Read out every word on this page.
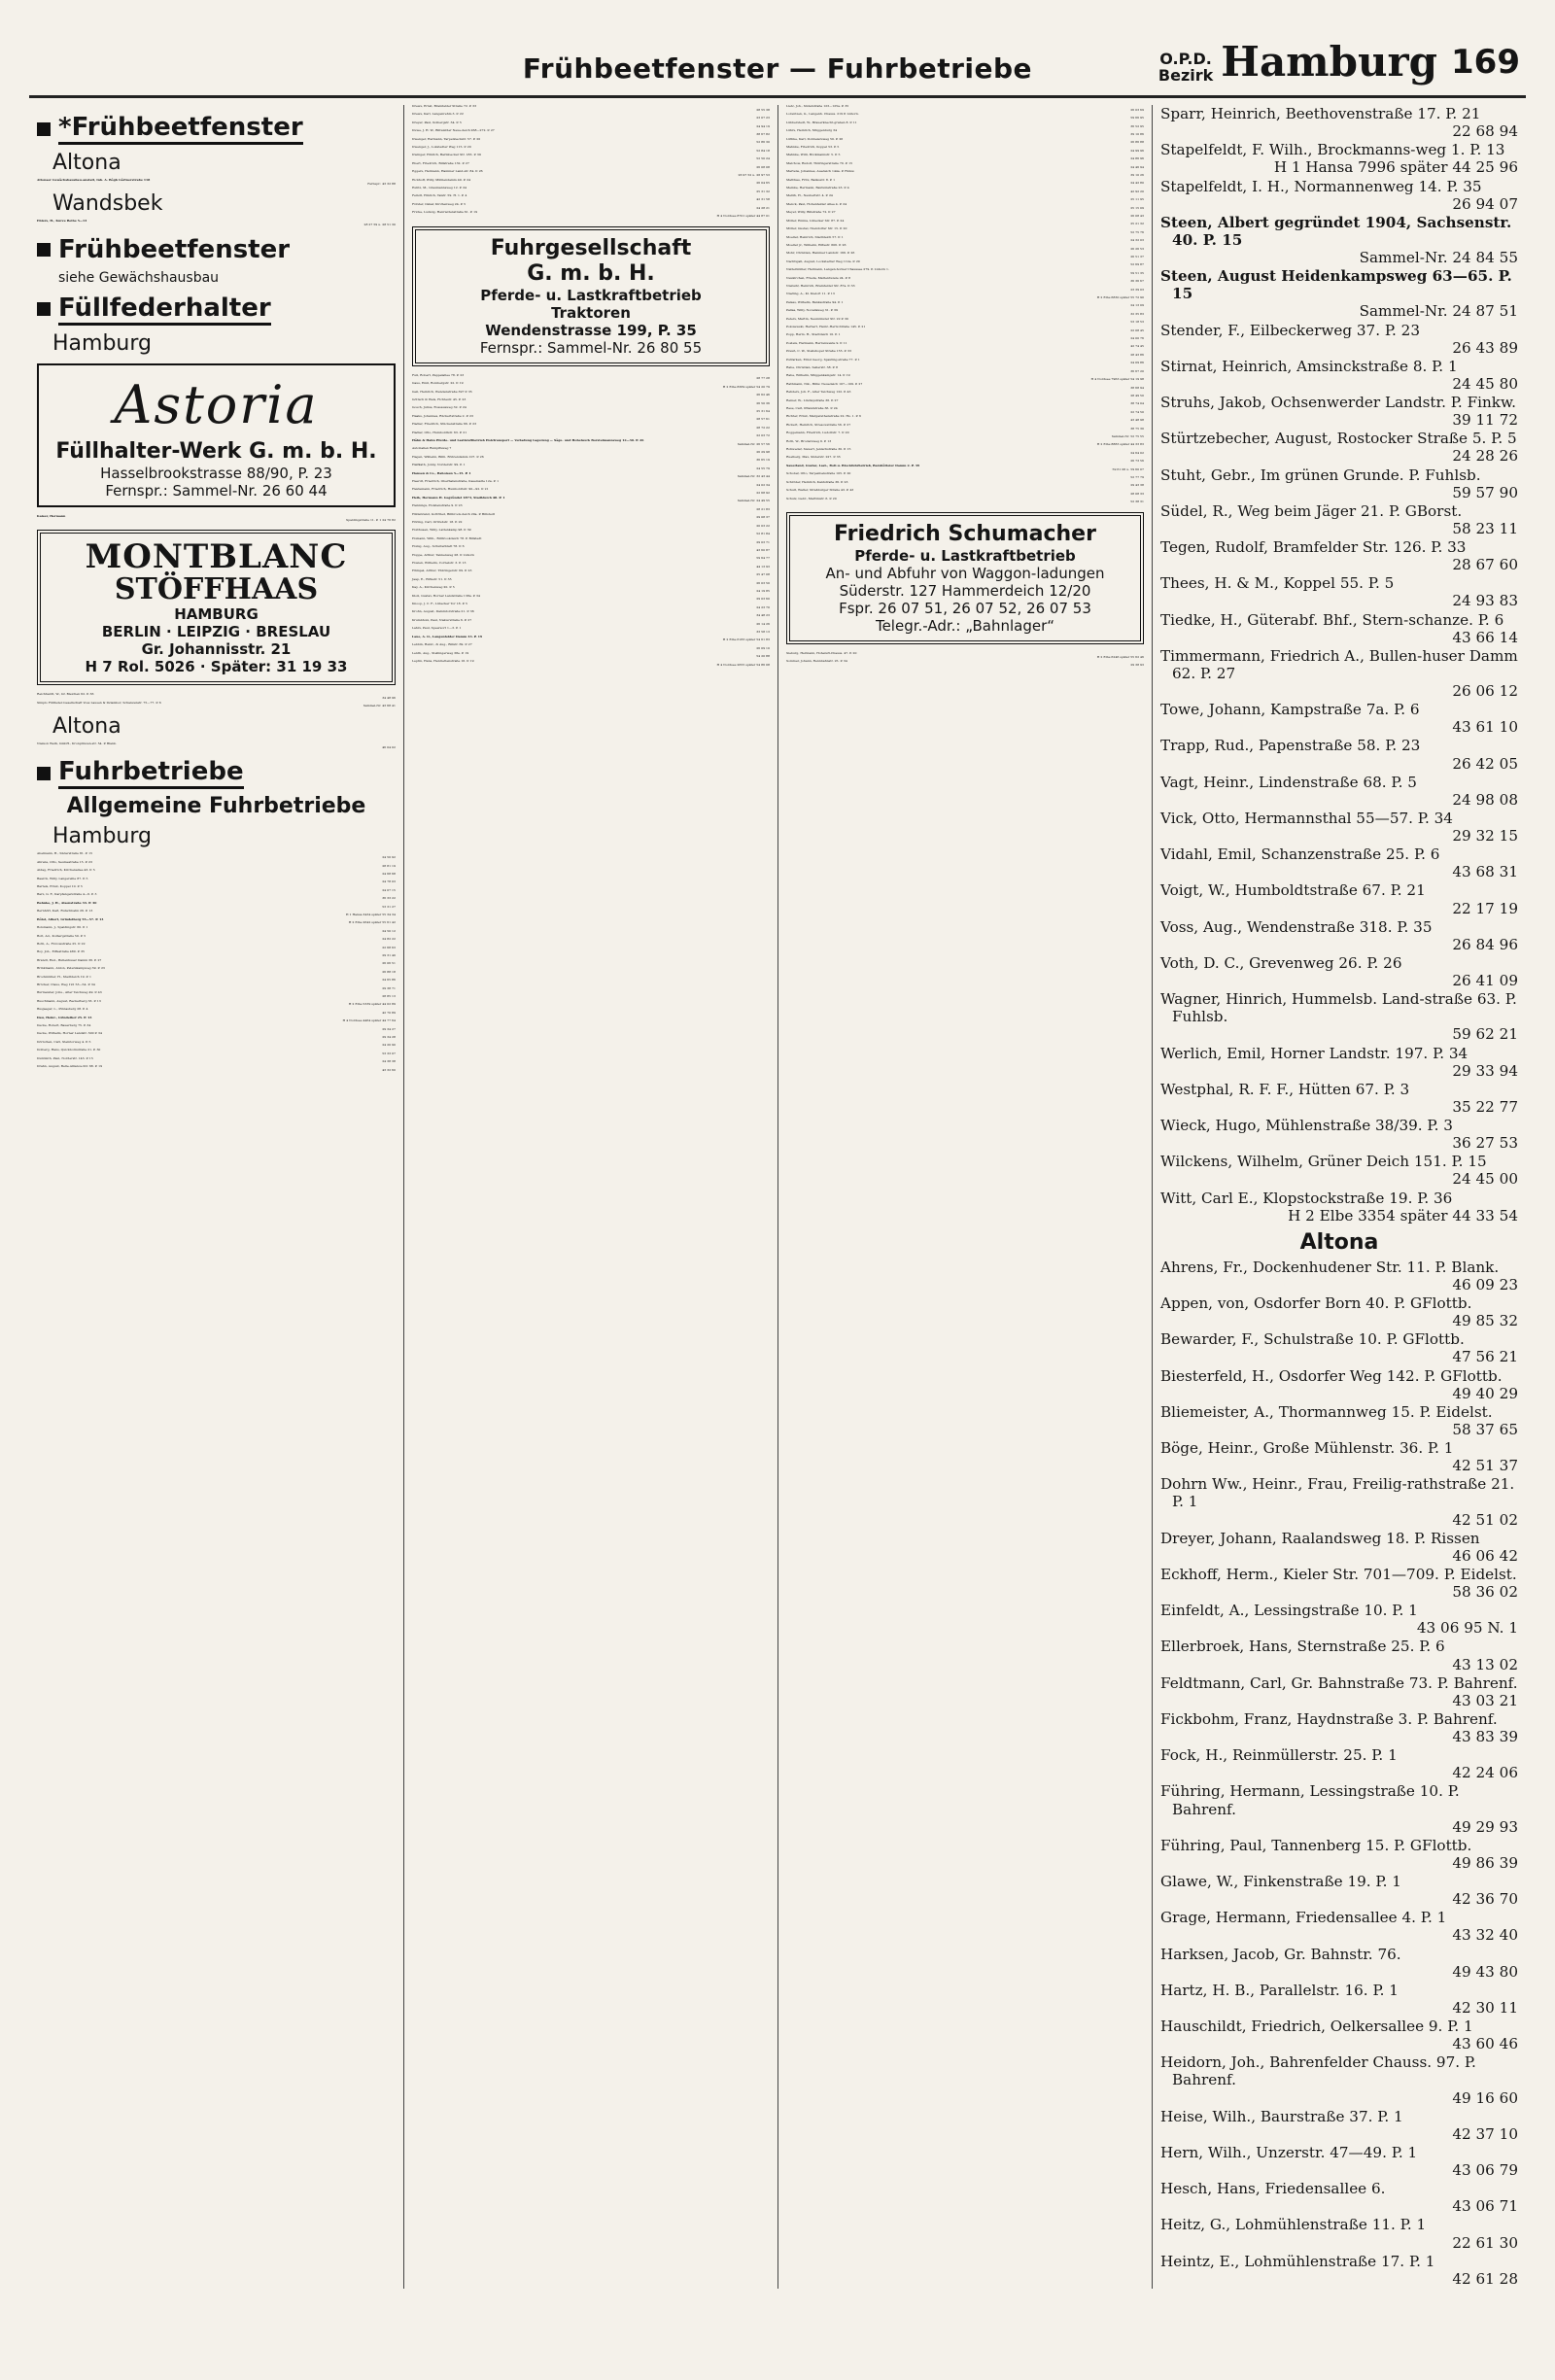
Frühbeetfenster — Fuhrbetriebe	O.P.D.
Bezirk Hamburg 169
*Frühbeetfenster
Altona
Altonaer Gewächshausbau-anstalt, Inh. A. Bögh Gärtnerstraße 118
Fernspr.: 43 32 88
Wandsbek
Ehlers, H., Kurze Reihe 5—13
28 27 59 u. 28 51 30
Frühbeetfenster
siehe Gewächshausbau
Füllfederhalter
Hamburg
Astoria
Füllhalter-Werk G. m. b. H.
Hasselbrookstrasse 88/90, P. 23
Fernspr.: Sammel-Nr. 26 60 44
Kaiser, Hermann
Spaldingstraße 11. P. 1 24 76 82
MONTBLANC
STÖFFHAAS
HAMBURG
BERLIN · LEIPZIG · BRESLAU
Gr. Johannisstr. 21
H 7 Rol. 5026 · Später: 31 19 33
Reichhardt, W., Gr. Bleichen 62. P. 36
34 48 96
Simplo Füllfeder-Gesellschaft Voss Lausen & Dziambor, Schanzenstr. 75—77. P. 6
Sammel-Nr. 43 68 41
Altona
Nielson Werk, GmbH., Kronprinzen-str. 54. P. Blank.
46 04 02
Fuhrbetriebe
Allgemeine Fuhrbetriebe
Hamburg
Abelmann, H., Süderstraße 81. P. 15
24 50 92
Ahrens, Otto, Seumestraße 15. P. 23
28 81 19
Aldag, Friedrich, Kirchenallee 43. P. 5
24 68 68
Baarck, Willy, Langereihe 87. P. 5
24 78 03
Bartels, Ernst, Koppel 10. P. 5
24 07 15
Barz, G. F., Karpfangerstraße 4—6. P. 3
36 33 22
Behnke, J. H., Alsenstraße 33. P. 30
53 31 27
Bernhöft, Karl, Rutschbahn 26. P. 13
H 1 Hansa 3434 später 55 34 34
Bötel, Albert, Grindelberg 55—57. P. 13
H 2 Elbe 2642 später 55 61 42
Bolsmann, J., Spaldingstr. 60. P. 1
24 50 12
Bolt, Ad., Kolbergstraße 50. P. 5
24 82 22
Both, A., Flotowstraße 25. P. 22
22 68 63
Boy, Joh., Eiffestraße 480. P. 35
29 31 40
Brandt, Rud., Bullenhuser Damm 36. P. 27
26 06 51
Brinkmann, Anton, Peterskampweg 39. P. 23
26 88 18
Brockmüller, H., Stadtdeich 19. P. 1
24 65 86
Bröcker, Claus, Weg 191 53—54. P. 34
29 38 71
Burmeister, Johs., Alter Teichweg 49. P. 43
28 85 13
Buschmann, August, Beckerberg 33. P. 13
H 2 Elbe 5339 später 44 02 89
Busjaeger, L., Pinnasberg 28. P. 4
42 70 89
Dau, Heinr., Grindelhof 25. P. 13
H 4 Nordsee 4464 später 44 77 64
Decke, Robert, Bauerberg 75. P. 34
29 34 27
Decke, Wilhelm, Horner Landstr. 300 P. 34
29 34 28
Dörnchen, Carl, Steintorweg 4. P. 5
24 20 90
Dolberg, Hans, Quickbornstraße 21. P. 30
53 33 07
Dunbluth, Paul, Norderstr. 143. P. 15
24 38 38
Drahn, August, Belle-Alliance-Str. 68. P. 19
43 32 60
Drews, Ernst, Bramfelder Straße 72. P. 33
28 55 38
Drews, Karl, Langenrehm 3. P. 22
23 07 23
Dreyer, Paul, Kolbergstr. 34. P. 5
24 94 19
Duwe, J. H. W., Billwärder Neue-deich 268—272. P. 27
38 67 82
Dwenger, Hermann, Tarpenbeckstr. 57. P. 20
52 86 30
Dwenger, J., Lokstedter Weg 115. P. 20
52 84 18
Dwinger, Hinrich, Barmbecker Str. 183. P. 39
52 50 24
Ebert, Friedrich, Billstraße 132. P. 27
26 08 08
Eggers, Hermann, Hammer Land-str. 84. P. 26
26 97 52 u. 26 97 53
Eickhoff, Willy, Mühlendamm 49. P. 24
26 04 65
Eulitz, M., Graumannsweg 12. P. 24
25 31 32
Feindt, Hinrich, Talstr. 59. H. 1. P. 4
42 31 58
Förster, Oskar, Kirchenweg 24. P. 5
24 28 21
Fricke, Ludwig, Henriettenstraße 61. P. 19
H 4 Nordsee 8701 später 44 87 01
Fuhrgesellschaft
G. m. b. H.
Pferde- u. Lastkraftbetrieb
Traktoren
Wendenstrasse 199, P. 35
Fernspr.: Sammel-Nr. 26 80 55
Fuß, Robert, Pappelallee 78. P. 23
28 77 28
Gaus, Emil, Rombergstr. 22. P. 19
H 2 Elbe 8369 später 54 20 79
Geil, Heinrich, Wendenstraße 397 P. 35
26 62 46
Göttsch & Wels, Fichtestr. 45. P. 23
26 50 36
Gosch, Julius, Rossausweg 32. P. 24
25 31 64
Haaks, Johannes, Rückertstraße 2. P. 23
28 57 61
Hadler, Friedrich, Stückenstraße 66. P. 23
28 72 22
Hadler, Otto, Humboldtstr. 63. P. 21
22 03 72
Hähn & Hahn Pferde- und Lastkraftbetrieb Holztransport — Verladung Lagerung — Säge- und Hobelwerk Borstelmannsweg 12—30. P. 26
Sammel-Nr. 26 57 56
Autohallen Rumpffsweg 7
26 29 98
Hagen, Wilhelm, Billh. Röhrendamm 107. P. 26
36 65 19
Halfkath, Jonny, Norderstr. 99. P. 1
24 55 79
Hansen & Co., Raboisen 5—15. P. 1
Sammel-Nr. 32 43 44
Heerdt, Friedrich, Oberhafenstraße, Kasematte 12a. P. 1
24 02 34
Heidemann, Friedrich, Humboldtstr. 90—92. P. 21
22 68 92
Heik, Hermann H. Gegründet 1873, Stadtdeich 48. P. 1
Sammel-Nr. 24 49 55
Hennings, Holstenstraße 9. P. 23
28 21 83
Hildebrand, Gottfried, Billbrook-deich 20a. P. Billstedt
29 08 37
Höring, Carl, Ortrudstr. 18. P. 22
20 03 22
Holthusen, Willy, Lattenkamp 98. P. 39
52 81 84
Homann, Wilh., Billbrookdeich 78. P. Billstedt
29 03 71
Honig, Aug., Schulterblatt 78. P. 6
43 60 87
Hoppe, Arthur, Tannenweg 28. P. Lnhorn
59 64 77
Hosien, Wilhelm, Cornelstr. 3. P. 13
44 13 93
Hümpel, Arthur, Thüringerstr. 69. P. 23
25 47 08
Jaap, E., Eiffestr. 51. P. 35
26 03 50
Kay, A., Kirchenweg 20. P. 5
24 19 85
Kloß, Gustav, Horner Landstraße 138a. P. 34
29 03 60
Knoop, J. C. F., Lübecker Tor 18. P. 5
24 23 70
Krohn, August, Dammtorstraße 21. P. 36
34 48 23
Krumbholz, Paul, Nieburstraße 6. P. 27
26 14 26
Lahrs, Paul, Speersort 1—3. P. 1
33 58 13
Laue, A. O., Langenfelder Damm 33. P. 19
H 2 Elbe 6183 später 54 61 83
Lebbin, Heinr., & Aug., Billstr. 69. P. 27
26 09 10
Lenth, Aug., Stellingerweg 38e. P. 19
54 20 88
Leptin, Hans, Henriettenstraße 16. P. 19
H 4 Nordsee 2655 später 54 86 08
Lietz, Joh., Süderstraße 123—125a. P. 35
26 03 69
Lorentzen, G., Langenh. Chauss. 219 P. Lnhorn.
59 66 95
Lübberstedt, W., Brauerknecht-graben 8. P. 11
36 52 95
Lührs, Heinrich, Müggenburg 34
39 10 86
Lüthke, Karl, Dobbelersweg 50. P. 26
26 86 88
Mahnke, Friedrich, Koppel 53. P. 5
24 99 96
Mahnke, Willi, Böckmannstr. 5. P. 5
24 86 96
Malchow, Rudolf, Thüringerstraße 70. P. 15
24 46 94
Martens, Johannes, Auedeich 144a. P. Finkw.
39 10 26
Matthies, Fritz, Banksstr. 8. P. 1
24 42 80
Meinke, Hermann, Balduinstraße 23. P. 4
42 92 20
Melüh, H., Neubertstr. 4. P. 24
25 11 95
Menck, Paul, Hohenfelder Allee 4. P. 24
25 15 09
Meyer, Willy, Billstraße 72. P. 27
26 08 43
Möller, Emma, Lübecker Str. 87. P. 24
25 21 32
Möller, Gustav, Niendorfer Str. 15. P. 20
52 75 76
Moeller, Heinrich, Stadtdeich 57. P. 1
24 32 03
Moeller jr., Wilhelm, Eiffestr. 606. P. 26
26 26 53
Mohr, Christian, Hammer Landstr. 166. P. 26
26 51 37
Nachtigall, August, Lockstedter Weg 112a. P. 20
52 69 87
Nattermüller, Hermann, Langen-horner Chaussee 279. P. Lnhorn 1.
59 51 35
Neukirchen, Frieda, Mattentwiete 24. P. 8
36 36 67
Niebuhr, Heinrich, Bramfelder Str. 87a. P. 33
23 39 03
Nieding, A., Kl. Kielort 11. P. 13
H 2 Elbe 6830 später 55 72 90
Palass, Wilhelm, Banksstraße 94. P. 1
24 13 09
Pallas, Willy, Novalisweg 31. P. 39
32 35 83
Peters, Martin, Neumünster Str. 22 P. 30
53 18 53
Pokoiewski, Herbert, Heinr.-Hertz-Straße 145. P. 21
22 08 45
Popp, Herm. H., Stadtdeich 10. P. 1
24 00 76
Postels, Hermann, Herrenweide 9. P. 11
42 74 45
Preuß, C. W., Steilshoper Straße 155. P. 33
28 43 86
Putfarken, Ernst Georg, Spalding-straße 77. P. 1
24 09 86
Rabe, Christian, Seilerstr. 38. P. 8
36 67 20
Rabe, Wilhelm, Müggenkampstr. 14. P. 19
H 4 Nordsee 7963 später 54 19 98
Rathmann, Nik., Billw. Neuedeich 107—109. P. 27
38 68 94
Rehders, Joh. F., Alter Teichweg 122. P. 43
28 49 50
Remer, W., Lindleystraße 36. P. 27
38 74 04
Rese, Carl, Ifflandstraße 36. P. 24
22 74 50
Richter, Ernst, Margarethenstraße 22. Hs. 1. P. 6
43 48 98
Rickert, Heinrich, Stresowstraße 56. P. 27
38 75 30
Roggemann, Friedrich, Ludolfstr. 7. P. 20
Sammel-Nr. 52 75 55
Roth, W., Brodersweg 9. P. 13
H 2 Elbe 8883 später 44 33 83
Rohweder, Sievert, Jenischstraße 30. P. 15
24 64 02
Ruelberg, Max, Süderstr. 227. P. 35
26 73 56
Sauerland, Gustav, Last-, Roll-u. Blockfuhrbetrieb, Barsbütteler Damm 2. P. 39
59 61 06 u. 59 60 07
Schober, Otto, Tarpenbekstraße 105. P. 20
52 77 79
Schröder, Heinrich, Kantstraße 36. P. 23
29 43 38
Schult, Walter, Straßburger Straße 43. P. 43
28 08 33
Schulz, Gebr., Martinistr. 6. P. 20
52 38 31
Friedrich Schumacher
Pferde- u. Lastkraftbetrieb
An- und Abfuhr von Waggon-ladungen
Süderstr. 127 Hammerdeich 12/20
Fspr. 26 07 51, 26 07 52, 26 07 53
Telegr.-Adr.: „Bahnlager“
Sieburg, Hermann, Hoheluft-Chauss. 47. P. 20
H 2 Elbe 6246 später 55 62 46
Sommer, Johann, Rennbahnstr. 25. P. 34
29 38 93
Sparr, Heinrich, Beethovenstraße 17. P. 21
22 68 94
Stapelfeldt, F. Wilh., Brockmanns-weg 1. P. 13
H 1 Hansa 7996 später 44 25 96
Stapelfeldt, I. H., Normannenweg 14. P. 35
26 94 07
Steen, Albert gegründet 1904, Sachsenstr. 40. P. 15
Sammel-Nr. 24 84 55
Steen, August Heidenkampsweg 63—65. P. 15
Sammel-Nr. 24 87 51
Stender, F., Eilbeckerweg 37. P. 23
26 43 89
Stirnat, Heinrich, Amsinckstraße 8. P. 1
24 45 80
Struhs, Jakob, Ochsenwerder Landstr. P. Finkw.
39 11 72
Stürtzebecher, August, Rostocker Straße 5. P. 5
24 28 26
Stuht, Gebr., Im grünen Grunde. P. Fuhlsb.
59 57 90
Südel, R., Weg beim Jäger 21. P. GBorst.
58 23 11
Tegen, Rudolf, Bramfelder Str. 126. P. 33
28 67 60
Thees, H. & M., Koppel 55. P. 5
24 93 83
Tiedke, H., Güterabf. Bhf., Stern-schanze. P. 6
43 66 14
Timmermann, Friedrich A., Bullen-huser Damm 62. P. 27
26 06 12
Towe, Johann, Kampstraße 7a. P. 6
43 61 10
Trapp, Rud., Papenstraße 58. P. 23
26 42 05
Vagt, Heinr., Lindenstraße 68. P. 5
24 98 08
Vick, Otto, Hermannsthal 55—57. P. 34
29 32 15
Vidahl, Emil, Schanzenstraße 25. P. 6
43 68 31
Voigt, W., Humboldtstraße 67. P. 21
22 17 19
Voss, Aug., Wendenstraße 318. P. 35
26 84 96
Voth, D. C., Grevenweg 26. P. 26
26 41 09
Wagner, Hinrich, Hummelsb. Land-straße 63. P. Fuhlsb.
59 62 21
Werlich, Emil, Horner Landstr. 197. P. 34
29 33 94
Westphal, R. F. F., Hütten 67. P. 3
35 22 77
Wieck, Hugo, Mühlenstraße 38/39. P. 3
36 27 53
Wilckens, Wilhelm, Grüner Deich 151. P. 15
24 45 00
Witt, Carl E., Klopstockstraße 19. P. 36
H 2 Elbe 3354 später 44 33 54
Altona
Ahrens, Fr., Dockenhudener Str. 11. P. Blank.
46 09 23
Appen, von, Osdorfer Born 40. P. GFlottb.
49 85 32
Bewarder, F., Schulstraße 10. P. GFlottb.
47 56 21
Biesterfeld, H., Osdorfer Weg 142. P. GFlottb.
49 40 29
Bliemeister, A., Thormannweg 15. P. Eidelst.
58 37 65
Böge, Heinr., Große Mühlenstr. 36. P. 1
42 51 37
Dohrn Ww., Heinr., Frau, Freilig-rathstraße 21. P. 1
42 51 02
Dreyer, Johann, Raalandsweg 18. P. Rissen
46 06 42
Eckhoff, Herm., Kieler Str. 701—709. P. Eidelst.
58 36 02
Einfeldt, A., Lessingstraße 10. P. 1
43 06 95 N. 1
Ellerbroek, Hans, Sternstraße 25. P. 6
43 13 02
Feldtmann, Carl, Gr. Bahnstraße 73. P. Bahrenf.
43 03 21
Fickbohm, Franz, Haydnstraße 3. P. Bahrenf.
43 83 39
Fock, H., Reinmüllerstr. 25. P. 1
42 24 06
Führing, Hermann, Lessingstraße 10. P. Bahrenf.
49 29 93
Führing, Paul, Tannenberg 15. P. GFlottb.
49 86 39
Glawe, W., Finkenstraße 19. P. 1
42 36 70
Grage, Hermann, Friedensallee 4. P. 1
43 32 40
Harksen, Jacob, Gr. Bahnstr. 76.
49 43 80
Hartz, H. B., Parallelstr. 16. P. 1
42 30 11
Hauschildt, Friedrich, Oelkersallee 9. P. 1
43 60 46
Heidorn, Joh., Bahrenfelder Chauss. 97. P. Bahrenf.
49 16 60
Heise, Wilh., Baurstraße 37. P. 1
42 37 10
Hern, Wilh., Unzerstr. 47—49. P. 1
43 06 79
Hesch, Hans, Friedensallee 6.
43 06 71
Heitz, G., Lohmühlenstraße 11. P. 1
22 61 30
Heintz, E., Lohmühlenstraße 17. P. 1
42 61 28
